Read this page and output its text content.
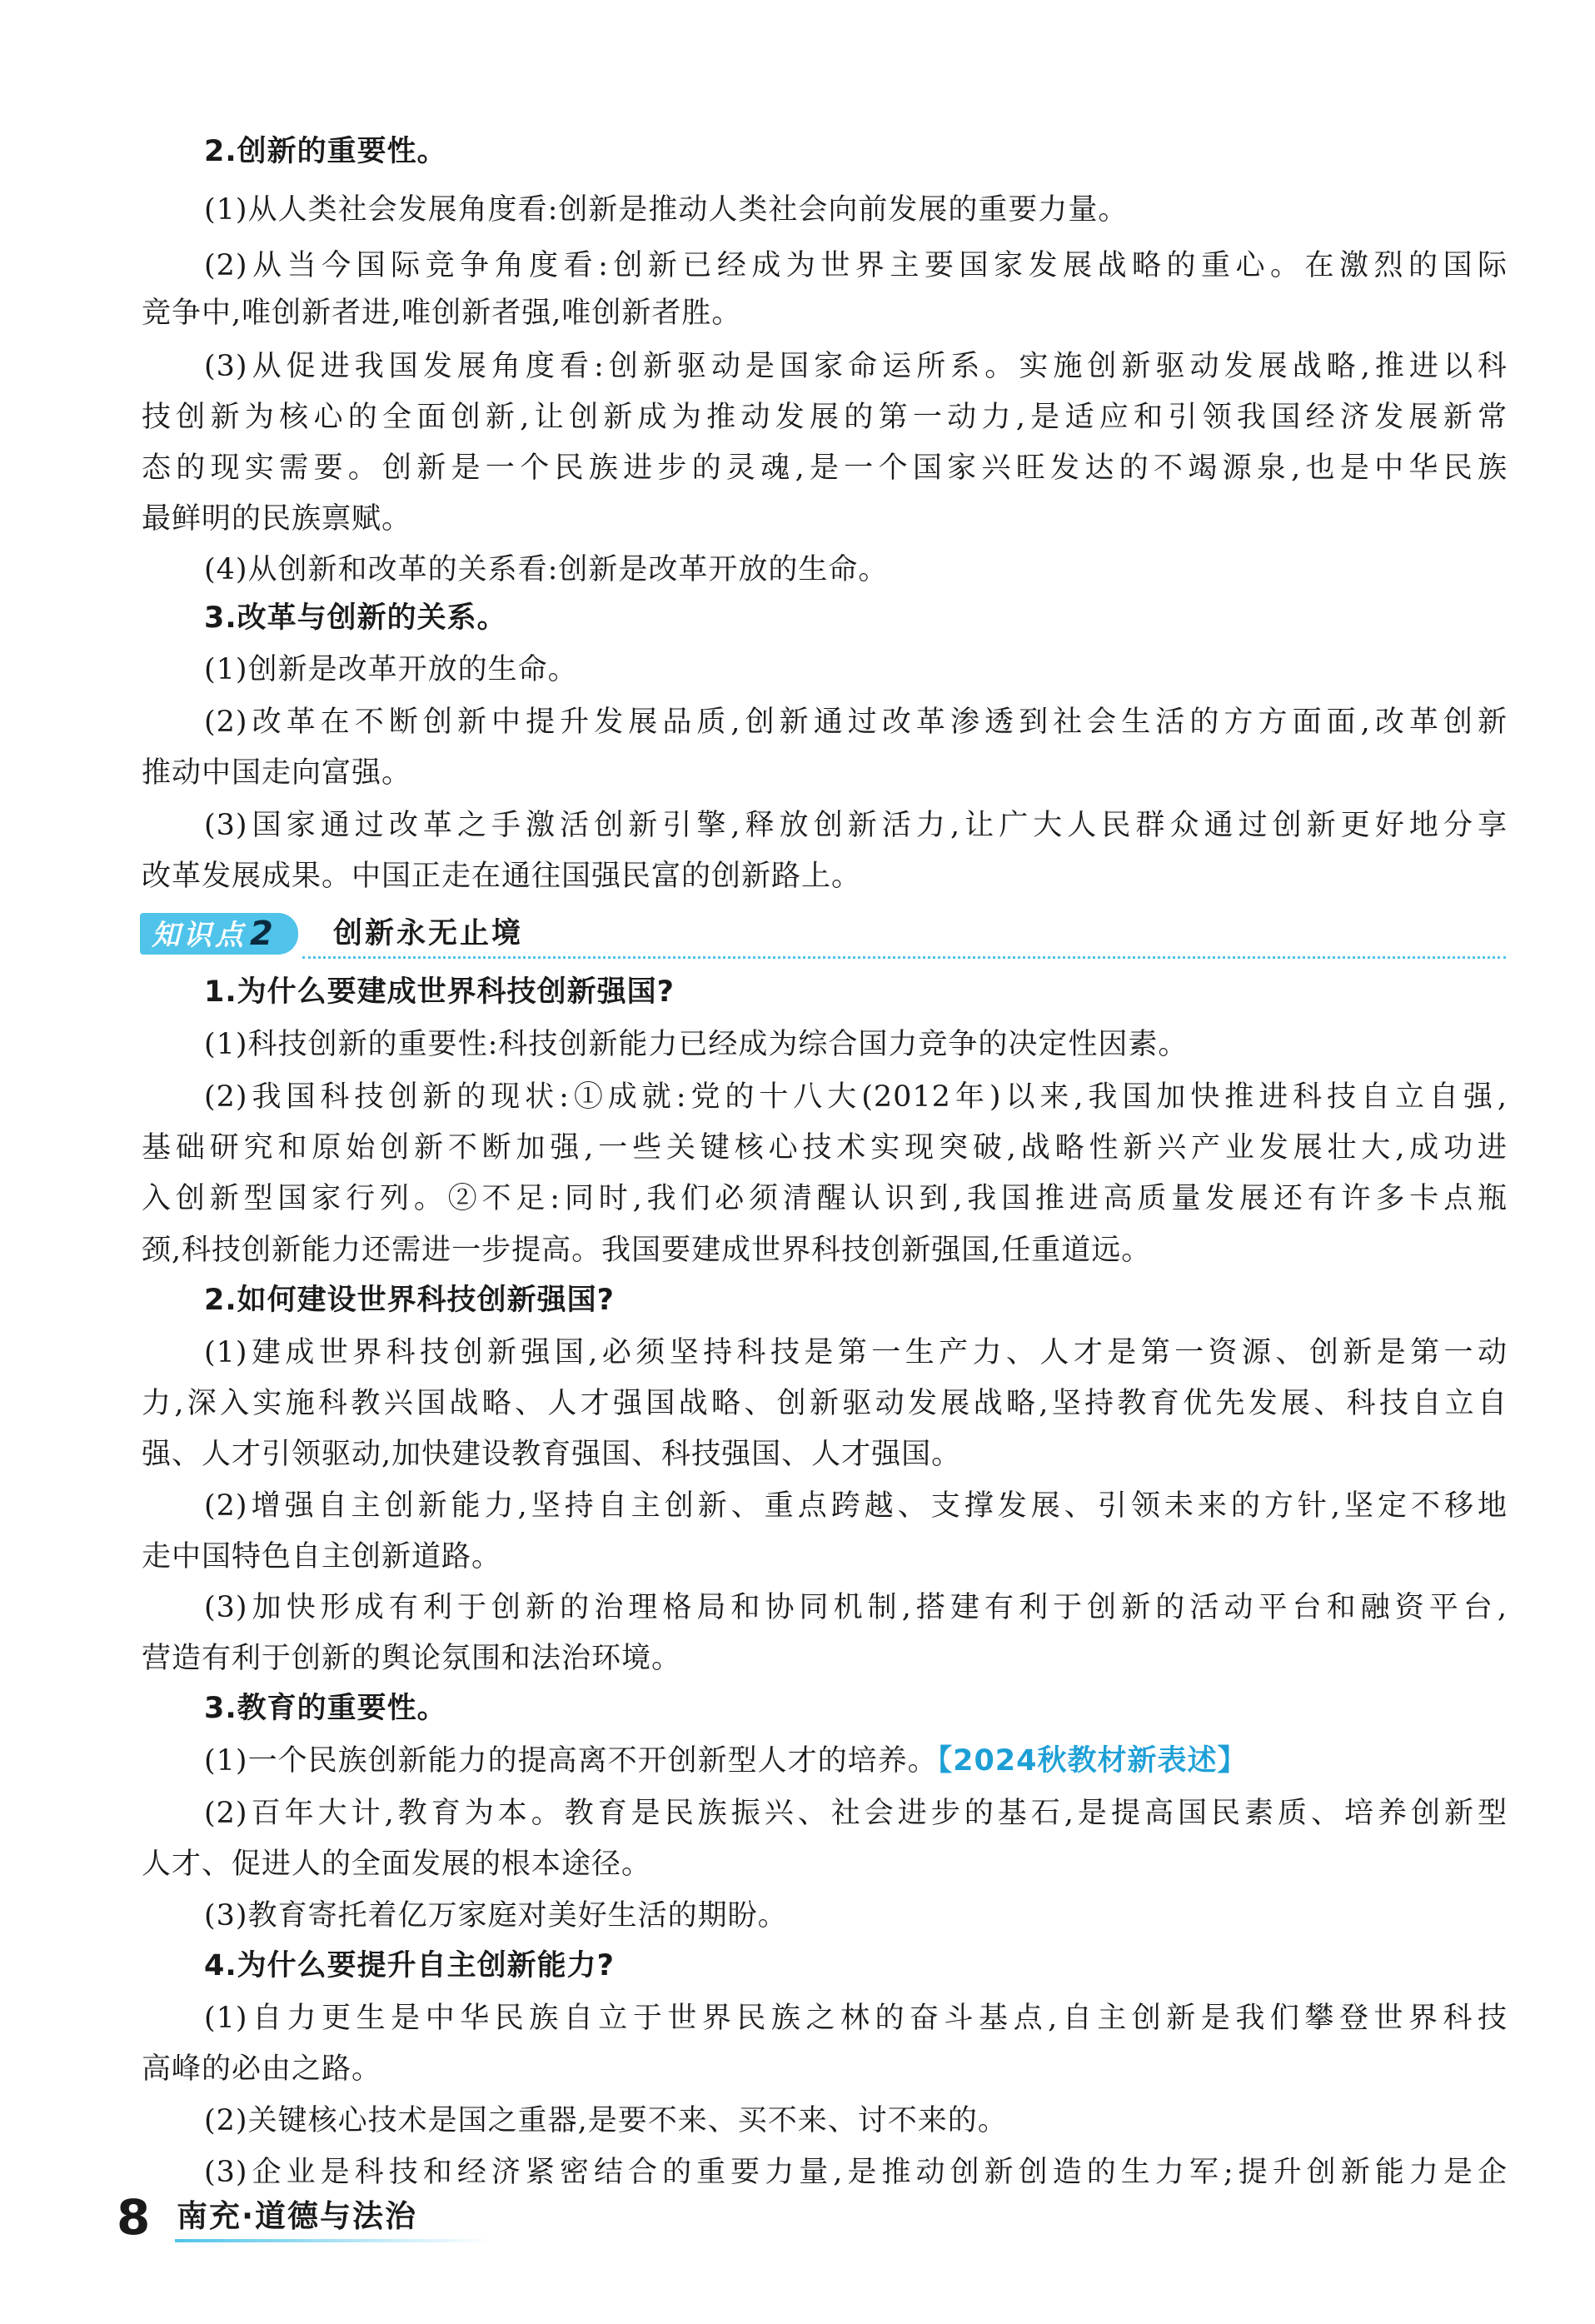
2.创新的重要性。
(1)从人类社会发展角度看:创新是推动人类社会向前发展的重要力量。
(2)从当今国际竞争角度看:创新已经成为世界主要国家发展战略的重心。在激烈的国际
竞争中,唯创新者进,唯创新者强,唯创新者胜。
(3)从促进我国发展角度看:创新驱动是国家命运所系。实施创新驱动发展战略,推进以科
技创新为核心的全面创新,让创新成为推动发展的第一动力,是适应和引领我国经济发展新常
态的现实需要。创新是一个民族进步的灵魂,是一个国家兴旺发达的不竭源泉,也是中华民族
最鲜明的民族禀赋。
(4)从创新和改革的关系看:创新是改革开放的生命。
3.改革与创新的关系。
(1)创新是改革开放的生命。
(2)改革在不断创新中提升发展品质,创新通过改革渗透到社会生活的方方面面,改革创新
推动中国走向富强。
(3)国家通过改革之手激活创新引擎,释放创新活力,让广大人民群众通过创新更好地分享
改革发展成果。中国正走在通往国强民富的创新路上。
知识点 2 创新永无止境
1.为什么要建成世界科技创新强国?
(1)科技创新的重要性:科技创新能力已经成为综合国力竞争的决定性因素。
(2)我国科技创新的现状:①成就:党的十八大(2012年)以来,我国加快推进科技自立自强,
基础研究和原始创新不断加强,一些关键核心技术实现突破,战略性新兴产业发展壮大,成功进
入创新型国家行列。②不足:同时,我们必须清醒认识到,我国推进高质量发展还有许多卡点瓶
颈,科技创新能力还需进一步提高。我国要建成世界科技创新强国,任重道远。
2.如何建设世界科技创新强国?
(1)建成世界科技创新强国,必须坚持科技是第一生产力、人才是第一资源、创新是第一动
力,深入实施科教兴国战略、人才强国战略、创新驱动发展战略,坚持教育优先发展、科技自立自
强、人才引领驱动,加快建设教育强国、科技强国、人才强国。
(2)增强自主创新能力,坚持自主创新、重点跨越、支撑发展、引领未来的方针,坚定不移地
走中国特色自主创新道路。
(3)加快形成有利于创新的治理格局和协同机制,搭建有利于创新的活动平台和融资平台,
营造有利于创新的舆论氛围和法治环境。
3.教育的重要性。
(1)一个民族创新能力的提高离不开创新型人才的培养。【2024秋教材新表述】
(2)百年大计,教育为本。教育是民族振兴、社会进步的基石,是提高国民素质、培养创新型
人才、促进人的全面发展的根本途径。
(3)教育寄托着亿万家庭对美好生活的期盼。
4.为什么要提升自主创新能力?
(1)自力更生是中华民族自立于世界民族之林的奋斗基点,自主创新是我们攀登世界科技
高峰的必由之路。
(2)关键核心技术是国之重器,是要不来、买不来、讨不来的。
(3)企业是科技和经济紧密结合的重要力量,是推动创新创造的生力军;提升创新能力是企
8 南充·道德与法治
